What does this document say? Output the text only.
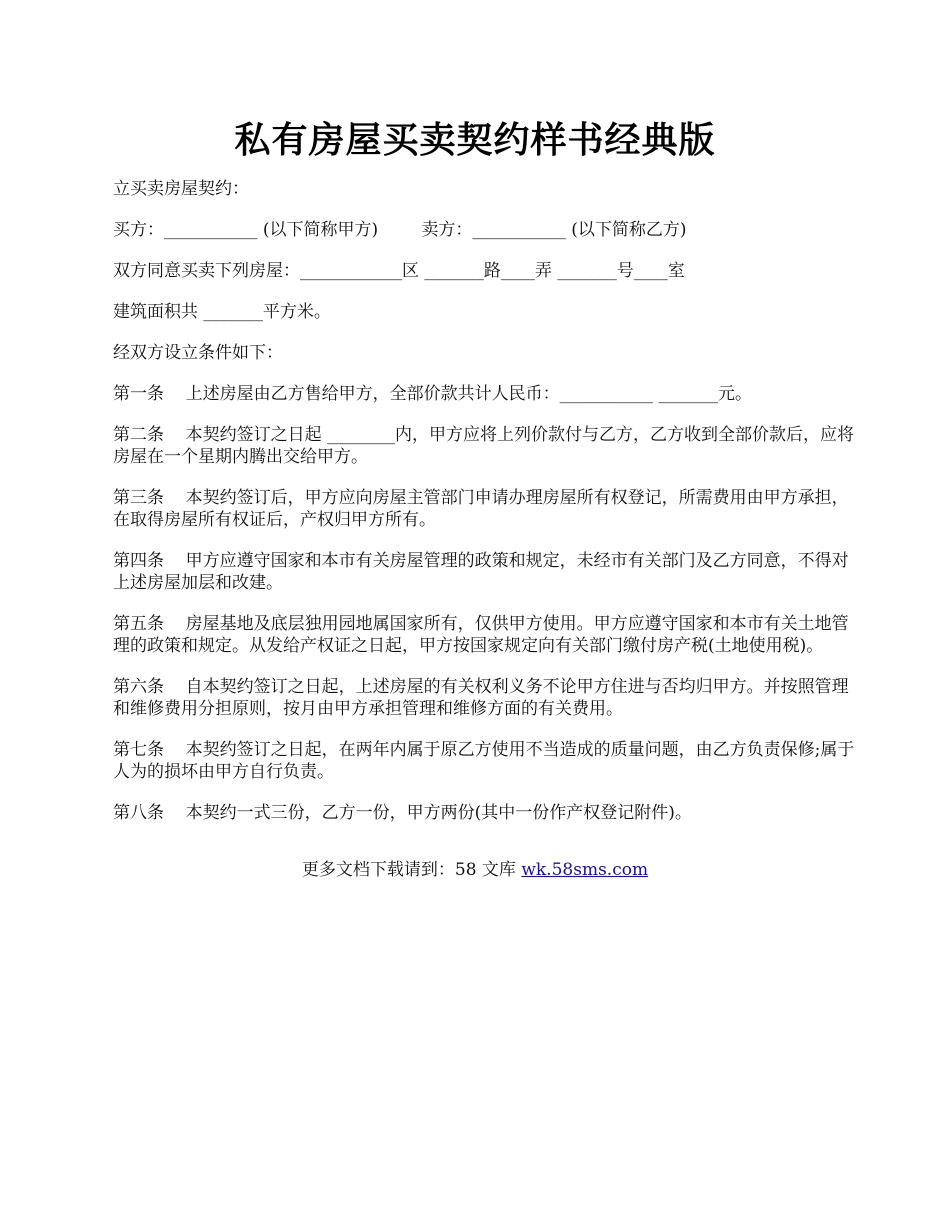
私有房屋买卖契约样书经典版

立买卖房屋契约：

买方：___________ (以下简称甲方)        卖方：___________ (以下简称乙方)

双方同意买卖下列房屋：____________区 _______路____弄 _______号____室

建筑面积共 _______平方米。

经双方设立条件如下：

第一条    上述房屋由乙方售给甲方，全部价款共计人民币：___________ _______元。

第二条    本契约签订之日起 ________内，甲方应将上列价款付与乙方，乙方收到全部价款后，应将房屋在一个星期内腾出交给甲方。

第三条    本契约签订后，甲方应向房屋主管部门申请办理房屋所有权登记，所需费用由甲方承担，在取得房屋所有权证后，产权归甲方所有。

第四条    甲方应遵守国家和本市有关房屋管理的政策和规定，未经市有关部门及乙方同意，不得对上述房屋加层和改建。

第五条    房屋基地及底层独用园地属国家所有，仅供甲方使用。甲方应遵守国家和本市有关土地管理的政策和规定。从发给产权证之日起，甲方按国家规定向有关部门缴付房产税(土地使用税)。

第六条    自本契约签订之日起，上述房屋的有关权利义务不论甲方住进与否均归甲方。并按照管理和维修费用分担原则，按月由甲方承担管理和维修方面的有关费用。

第七条    本契约签订之日起，在两年内属于原乙方使用不当造成的质量问题，由乙方负责保修;属于人为的损坏由甲方自行负责。

第八条    本契约一式三份，乙方一份，甲方两份(其中一份作产权登记附件)。

更多文档下载请到：58 文库 wk.58sms.com
